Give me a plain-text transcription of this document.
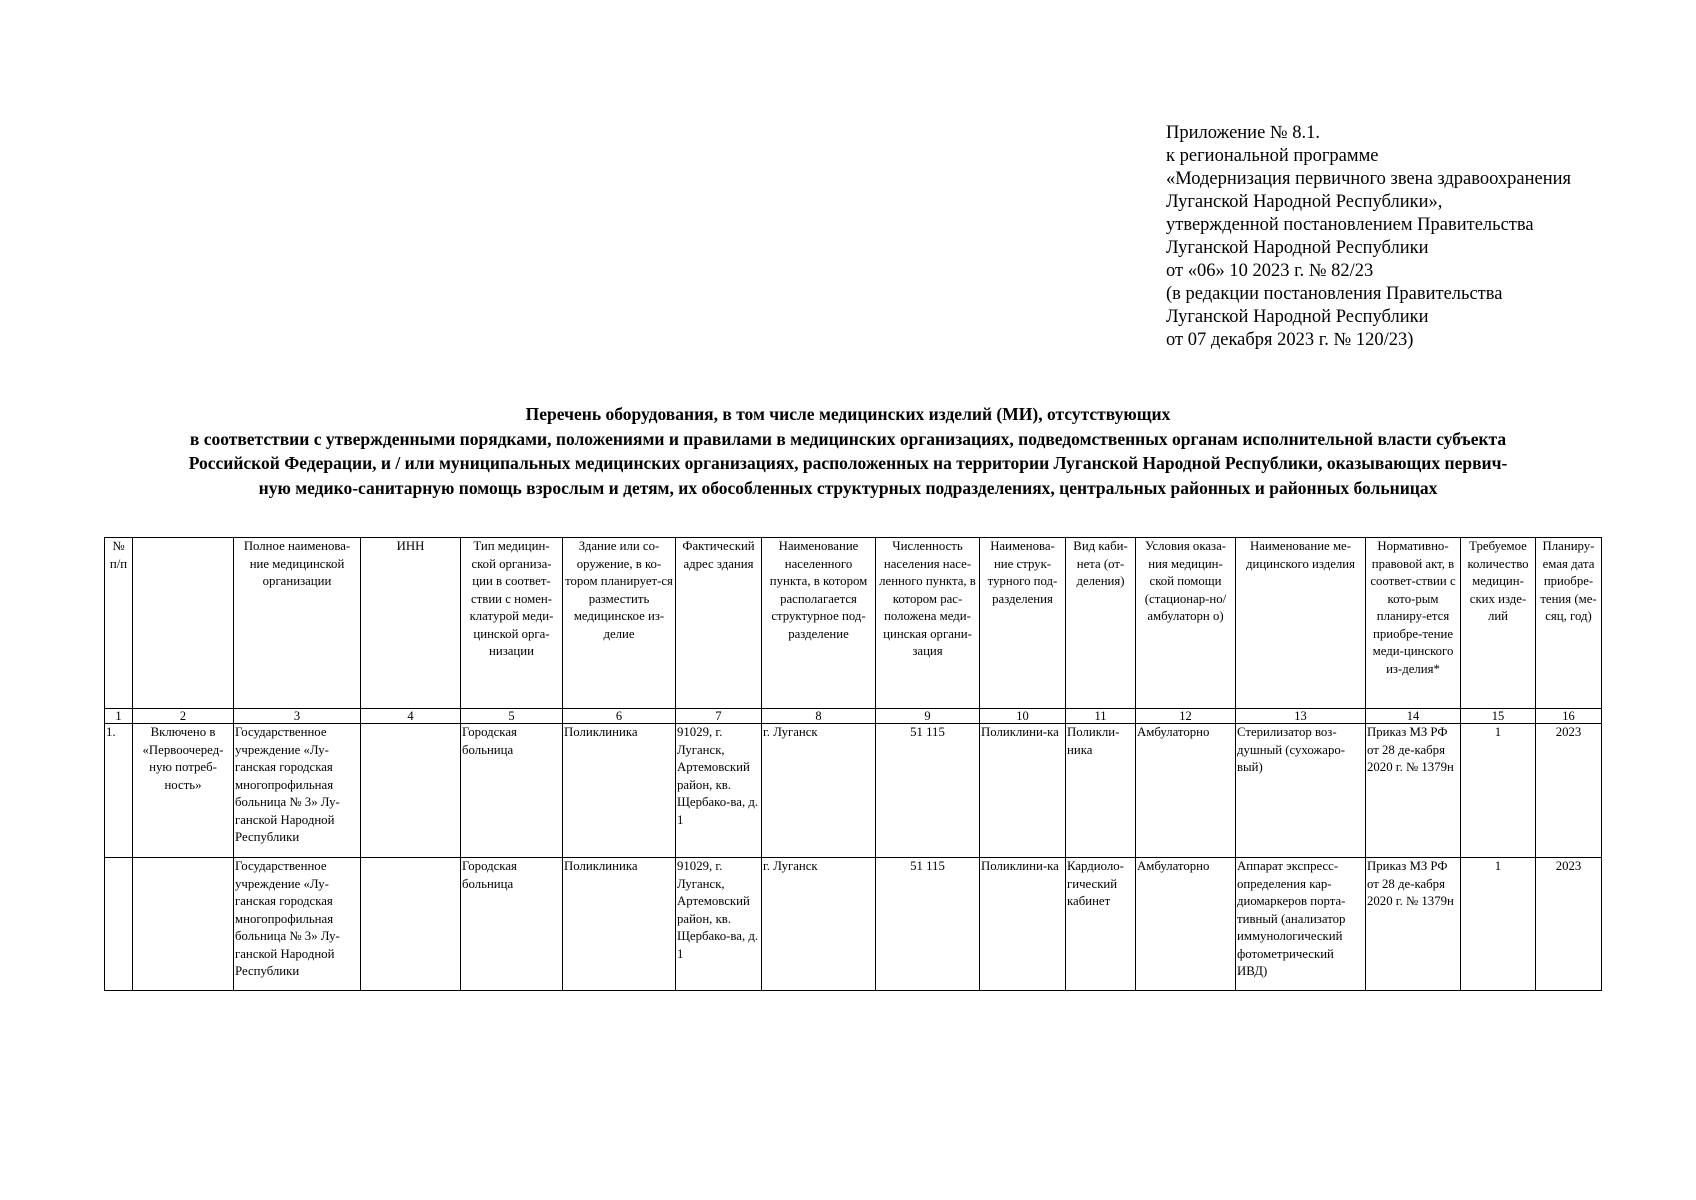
Приложение № 8.1.
к региональной программе
«Модернизация первичного звена здравоохранения
Луганской Народной Республики»,
утвержденной постановлением Правительства
Луганской Народной Республики
от «06» 10 2023 г. № 82/23
(в редакции постановления Правительства
Луганской Народной Республики
от 07 декабря 2023 г. № 120/23)
Перечень оборудования, в том числе медицинских изделий (МИ), отсутствующих
в соответствии с утвержденными порядками, положениями и правилами в медицинских организациях, подведомственных органам исполнительной власти субъекта
Российской Федерации, и / или муниципальных медицинских организациях, расположенных на территории Луганской Народной Республики, оказывающих первич-
ную медико-санитарную помощь взрослым и детям, их обособленных структурных подразделениях, центральных районных и районных больницах
№ п/п		Полное наименова-ние медицинской организации	ИНН	Тип медицин-ской организа-ции в соответ-ствии с номен-клатурой меди-цинской орга-низации	Здание или со-оружение, в ко-тором планирует-ся разместить медицинское из-делие	Фактический адрес здания	Наименование населенного пункта, в котором располагается структурное под-разделение	Численность населения насе-ленного пункта, в котором рас-положена меди-цинская органи-зация	Наименова-ние струк-турного под-разделения	Вид каби-нета (от-деления)	Условия оказа-ния медицин-ской помощи (стационар-но/амбулаторн о)	Наименование ме-дицинского изделия	Нормативно-правовой акт, в соответ-ствии с кото-рым планиру-ется приобре-тение меди-цинского из-делия*	Требуемое количество медицин-ских изде-лий	Планиру-емая дата приобре-тения (ме-сяц, год)
1	2	3	4	5	6	7	8	9	10	11	12	13	14	15	16
1.	Включено в «Первоочеред-ную потреб-ность»	Государственное учреждение «Лу-ганская городская многопрофильная больница № 3» Лу-ганской Народной Республики		Городская больница	Поликлиника	91029, г. Луганск, Артемовский район, кв. Щербако-ва, д. 1	г. Луганск	51 115	Поликлини-ка	Поликли-ника	Амбулаторно	Стерилизатор воз-душный (сухожаро-вый)	Приказ МЗ РФ от 28 де-кабря 2020 г. № 1379н	1	2023
		Государственное учреждение «Лу-ганская городская многопрофильная больница № 3» Лу-ганской Народной Республики		Городская больница	Поликлиника	91029, г. Луганск, Артемовский район, кв. Щербако-ва, д. 1	г. Луганск	51 115	Поликлини-ка	Кардиоло-гический кабинет	Амбулаторно	Аппарат экспресс-определения кар-диомаркеров порта-тивный (анализатор иммунологический фотометрический ИВД)	Приказ МЗ РФ от 28 де-кабря 2020 г. № 1379н	1	2023
